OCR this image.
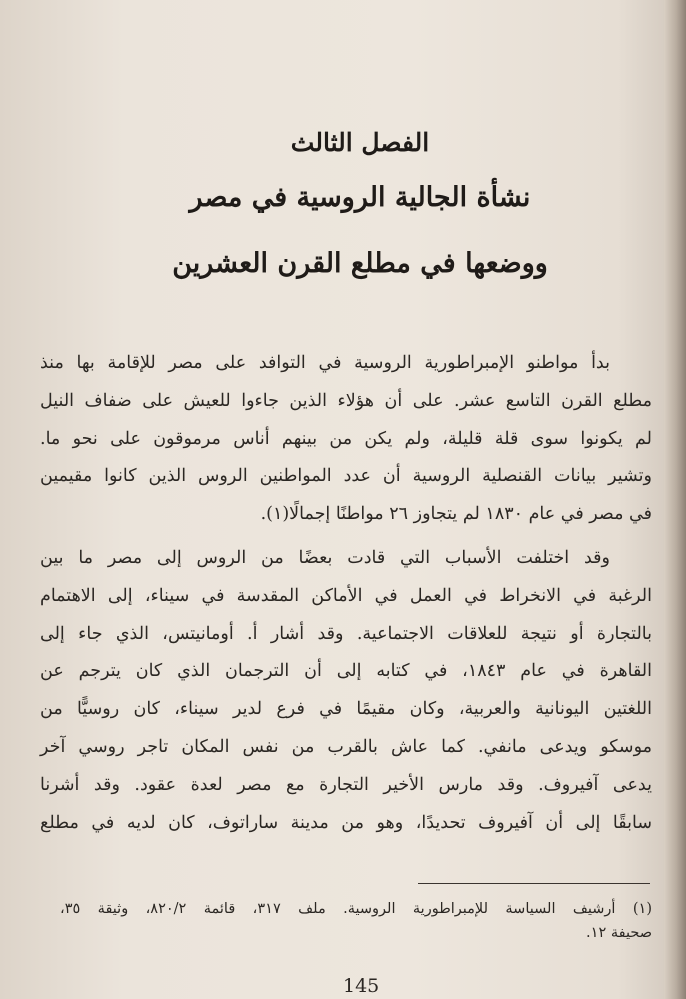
الفصل الثالث
نشأة الجالية الروسية في مصر
ووضعها في مطلع القرن العشرين
بدأ مواطنو الإمبراطورية الروسية في التوافد على مصر للإقامة بها منذ
مطلع القرن التاسع عشر. على أن هؤلاء الذين جاءوا للعيش على ضفاف النيل
لم يكونوا سوى قلة قليلة، ولم يكن من بينهم أناس مرموقون على نحو ما.
وتشير بيانات القنصلية الروسية أن عدد المواطنين الروس الذين كانوا مقيمين
في مصر في عام ١٨٣٠ لم يتجاوز ٢٦ مواطنًا إجمالًا(١).
وقد اختلفت الأسباب التي قادت بعضًا من الروس إلى مصر ما بين
الرغبة في الانخراط في العمل في الأماكن المقدسة في سيناء، إلى الاهتمام
بالتجارة أو نتيجة للعلاقات الاجتماعية. وقد أشار أ. أومانيتس، الذي جاء إلى
القاهرة في عام ١٨٤٣، في كتابه إلى أن الترجمان الذي كان يترجم عن
اللغتين اليونانية والعربية، وكان مقيمًا في فرع لدير سيناء، كان روسيًّا من
موسكو ويدعى مانفي. كما عاش بالقرب من نفس المكان تاجر روسي آخر
يدعى آفيروف. وقد مارس الأخير التجارة مع مصر لعدة عقود. وقد أشرنا
سابقًا إلى أن آفيروف تحديدًا، وهو من مدينة ساراتوف، كان لديه في مطلع
(١) أرشيف السياسة للإمبراطورية الروسية. ملف ٣١٧، قائمة ٨٢٠/٢، وثيقة ٣٥،
صحيفة ١٢.
145
